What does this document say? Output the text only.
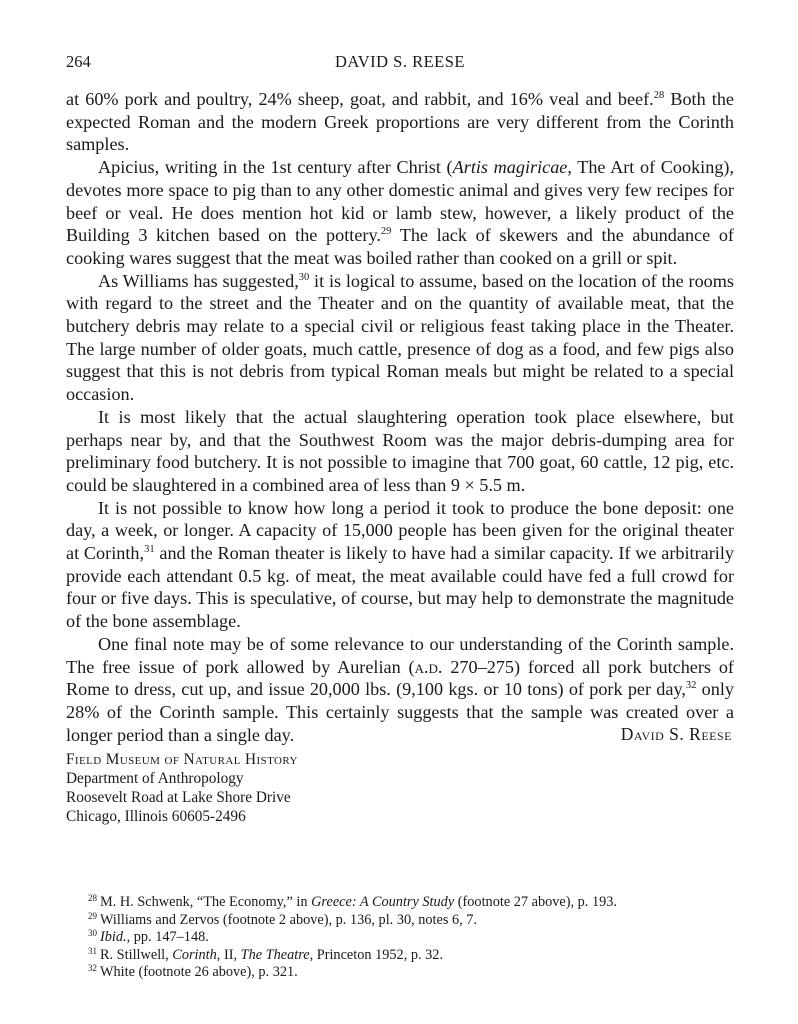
264	DAVID S. REESE

at 60% pork and poultry, 24% sheep, goat, and rabbit, and 16% veal and beef.$^{28}$ Both the expected Roman and the modern Greek proportions are very different from the Corinth samples.

Apicius, writing in the 1st century after Christ (Artis magiricae, The Art of Cooking), devotes more space to pig than to any other domestic animal and gives very few recipes for beef or veal. He does mention hot kid or lamb stew, however, a likely product of the Building 3 kitchen based on the pottery.$^{29}$ The lack of skewers and the abundance of cooking wares suggest that the meat was boiled rather than cooked on a grill or spit.

As Williams has suggested,$^{30}$ it is logical to assume, based on the location of the rooms with regard to the street and the Theater and on the quantity of available meat, that the butchery debris may relate to a special civil or religious feast taking place in the Theater. The large number of older goats, much cattle, presence of dog as a food, and few pigs also suggest that this is not debris from typical Roman meals but might be related to a special occasion.

It is most likely that the actual slaughtering operation took place elsewhere, but perhaps near by, and that the Southwest Room was the major debris-dumping area for preliminary food butchery. It is not possible to imagine that 700 goat, 60 cattle, 12 pig, etc. could be slaughtered in a combined area of less than 9 × 5.5 m.

It is not possible to know how long a period it took to produce the bone deposit: one day, a week, or longer. A capacity of 15,000 people has been given for the original theater at Corinth,$^{31}$ and the Roman theater is likely to have had a similar capacity. If we arbitrarily provide each attendant 0.5 kg. of meat, the meat available could have fed a full crowd for four or five days. This is speculative, of course, but may help to demonstrate the magnitude of the bone assemblage.

One final note may be of some relevance to our understanding of the Corinth sample. The free issue of pork allowed by Aurelian (a.d. 270–275) forced all pork butchers of Rome to dress, cut up, and issue 20,000 lbs. (9,100 kgs. or 10 tons) of pork per day,$^{32}$ only 28% of the Corinth sample. This certainly suggests that the sample was created over a longer period than a single day.	David S. Reese
Field Museum of Natural History
Department of Anthropology
Roosevelt Road at Lake Shore Drive
Chicago, Illinois 60605-2496
$^{28}$ M. H. Schwenk, “The Economy,” in Greece: A Country Study (footnote 27 above), p. 193.
$^{29}$ Williams and Zervos (footnote 2 above), p. 136, pl. 30, notes 6, 7.
$^{30}$ Ibid., pp. 147–148.
$^{31}$ R. Stillwell, Corinth, II, The Theatre, Princeton 1952, p. 32.
$^{32}$ White (footnote 26 above), p. 321.
